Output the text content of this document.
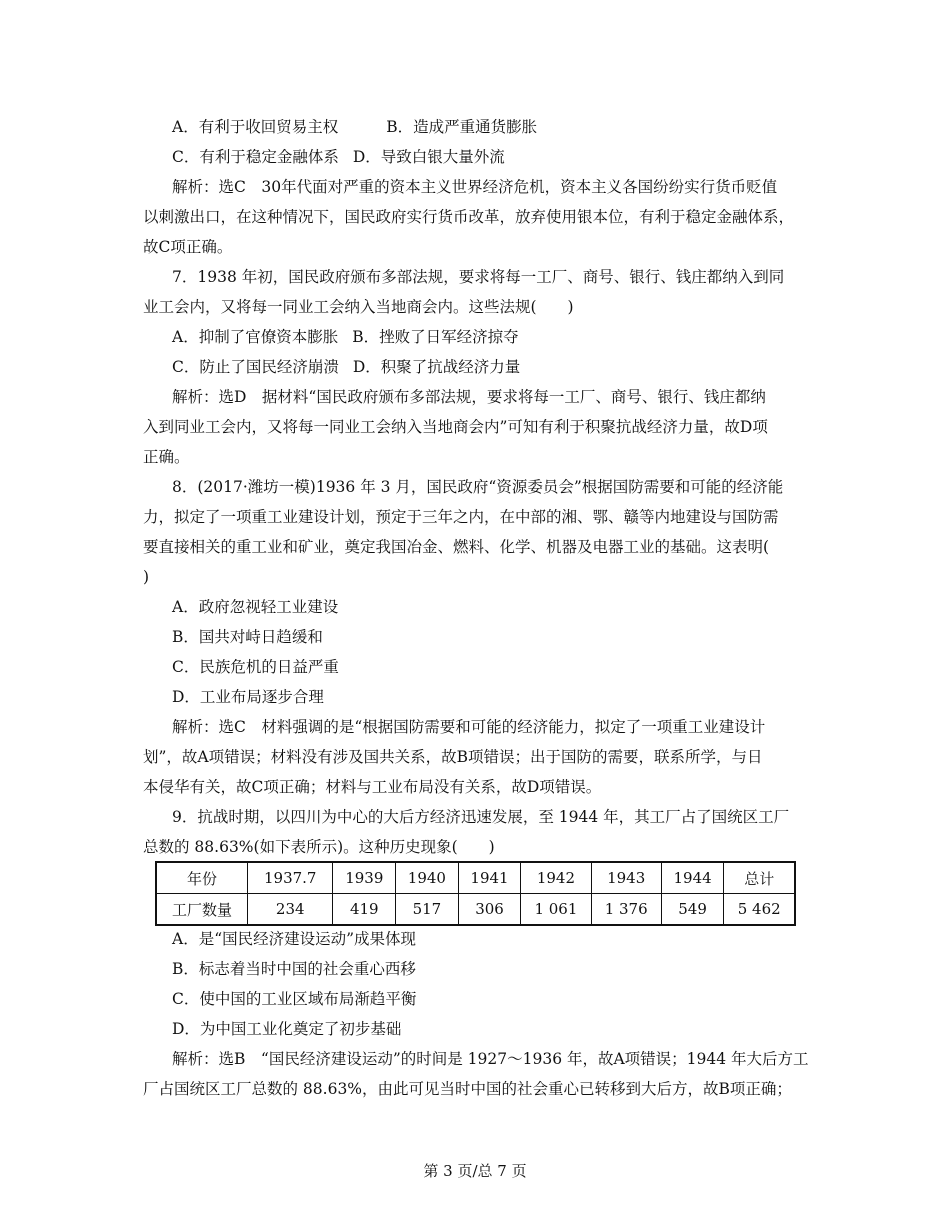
A．有利于收回贸易主权	B．造成严重通货膨胀
C．有利于稳定金融体系 D．导致白银大量外流
解析：选C　30年代面对严重的资本主义世界经济危机，资本主义各国纷纷实行货币贬值
以刺激出口，在这种情况下，国民政府实行货币改革，放弃使用银本位，有利于稳定金融体系，
故C项正确。
7．1938 年初，国民政府颁布多部法规，要求将每一工厂、商号、银行、钱庄都纳入到同
业工会内，又将每一同业工会纳入当地商会内。这些法规(　　)
A．抑制了官僚资本膨胀 B．挫败了日军经济掠夺
C．防止了国民经济崩溃 D．积聚了抗战经济力量
解析：选D　据材料“国民政府颁布多部法规，要求将每一工厂、商号、银行、钱庄都纳
入到同业工会内，又将每一同业工会纳入当地商会内”可知有利于积聚抗战经济力量，故D项
正确。
8．(2017·潍坊一模)1936 年 3 月，国民政府“资源委员会”根据国防需要和可能的经济能
力，拟定了一项重工业建设计划，预定于三年之内，在中部的湘、鄂、赣等内地建设与国防需
要直接相关的重工业和矿业，奠定我国冶金、燃料、化学、机器及电器工业的基础。这表明(
)
A．政府忽视轻工业建设
B．国共对峙日趋缓和
C．民族危机的日益严重
D．工业布局逐步合理
解析：选C　材料强调的是“根据国防需要和可能的经济能力，拟定了一项重工业建设计
划”，故A项错误；材料没有涉及国共关系，故B项错误；出于国防的需要，联系所学，与日
本侵华有关，故C项正确；材料与工业布局没有关系，故D项错误。
9．抗战时期，以四川为中心的大后方经济迅速发展，至 1944 年，其工厂占了国统区工厂
总数的 88.63%(如下表所示)。这种历史现象(　　)
年份	1937.7	1939	1940	1941	1942	1943	1944	总计
工厂数量	234	419	517	306	1 061	1 376	549	5 462
A．是“国民经济建设运动”成果体现
B．标志着当时中国的社会重心西移
C．使中国的工业区域布局渐趋平衡
D．为中国工业化奠定了初步基础
解析：选B　“国民经济建设运动”的时间是 1927～1936 年，故A项错误；1944 年大后方工
厂占国统区工厂总数的 88.63%，由此可见当时中国的社会重心已转移到大后方，故B项正确；
第 3 页/总 7 页
